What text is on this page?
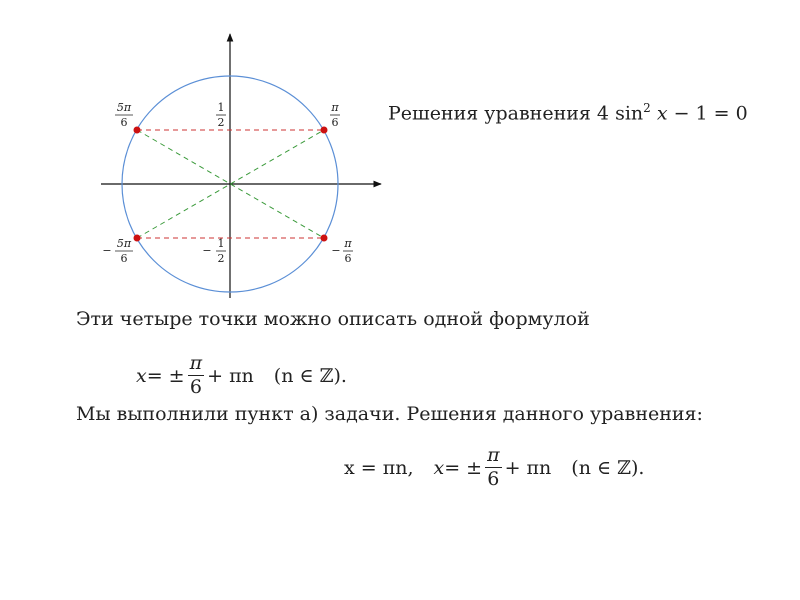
5π
6
π
6
1
2
−
5π
6
−
1
2
−
π
6
Решения уравнения 4 $\sin^2 x - 1 = 0$
Эти четыре точки можно описать одной формулой
x = ± $\frac{\pi}{6} + \pi n$ (n ∈ ℤ).
Мы выполнили пункт а) задачи. Решения данного уравнения:
x = πn, x = ± $\frac{\pi}{6} + \pi n$ (n ∈ ℤ).
